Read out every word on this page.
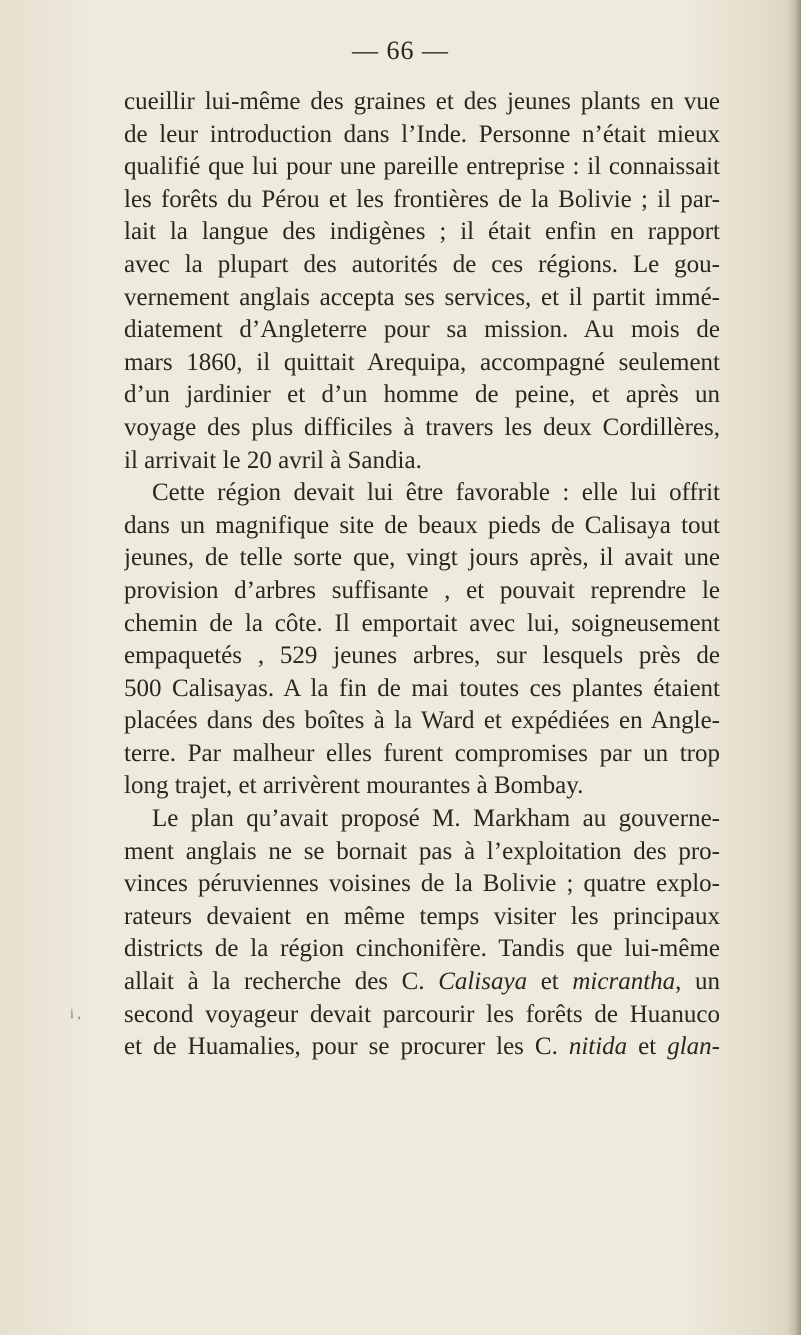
— 66 —
cueillir lui-même des graines et des jeunes plants en vue
de leur introduction dans l’Inde. Personne n’était mieux
qualifié que lui pour une pareille entreprise : il connaissait
les forêts du Pérou et les frontières de la Bolivie ; il par-
lait la langue des indigènes ; il était enfin en rapport
avec la plupart des autorités de ces régions. Le gou-
vernement anglais accepta ses services, et il partit immé-
diatement d’Angleterre pour sa mission. Au mois de
mars 1860, il quittait Arequipa, accompagné seulement
d’un jardinier et d’un homme de peine, et après un
voyage des plus difficiles à travers les deux Cordillères,
il arrivait le 20 avril à Sandia.
Cette région devait lui être favorable : elle lui offrit
dans un magnifique site de beaux pieds de Calisaya tout
jeunes, de telle sorte que, vingt jours après, il avait une
provision d’arbres suffisante , et pouvait reprendre le
chemin de la côte. Il emportait avec lui, soigneusement
empaquetés , 529 jeunes arbres, sur lesquels près de
500 Calisayas. A la fin de mai toutes ces plantes étaient
placées dans des boîtes à la Ward et expédiées en Angle-
terre. Par malheur elles furent compromises par un trop
long trajet, et arrivèrent mourantes à Bombay.
Le plan qu’avait proposé M. Markham au gouverne-
ment anglais ne se bornait pas à l’exploitation des pro-
vinces péruviennes voisines de la Bolivie ; quatre explo-
rateurs devaient en même temps visiter les principaux
districts de la région cinchonifère. Tandis que lui-même
allait à la recherche des C. Calisaya et micrantha, un
second voyageur devait parcourir les forêts de Huanuco
et de Huamalies, pour se procurer les C. nitida et glan-
i ,
